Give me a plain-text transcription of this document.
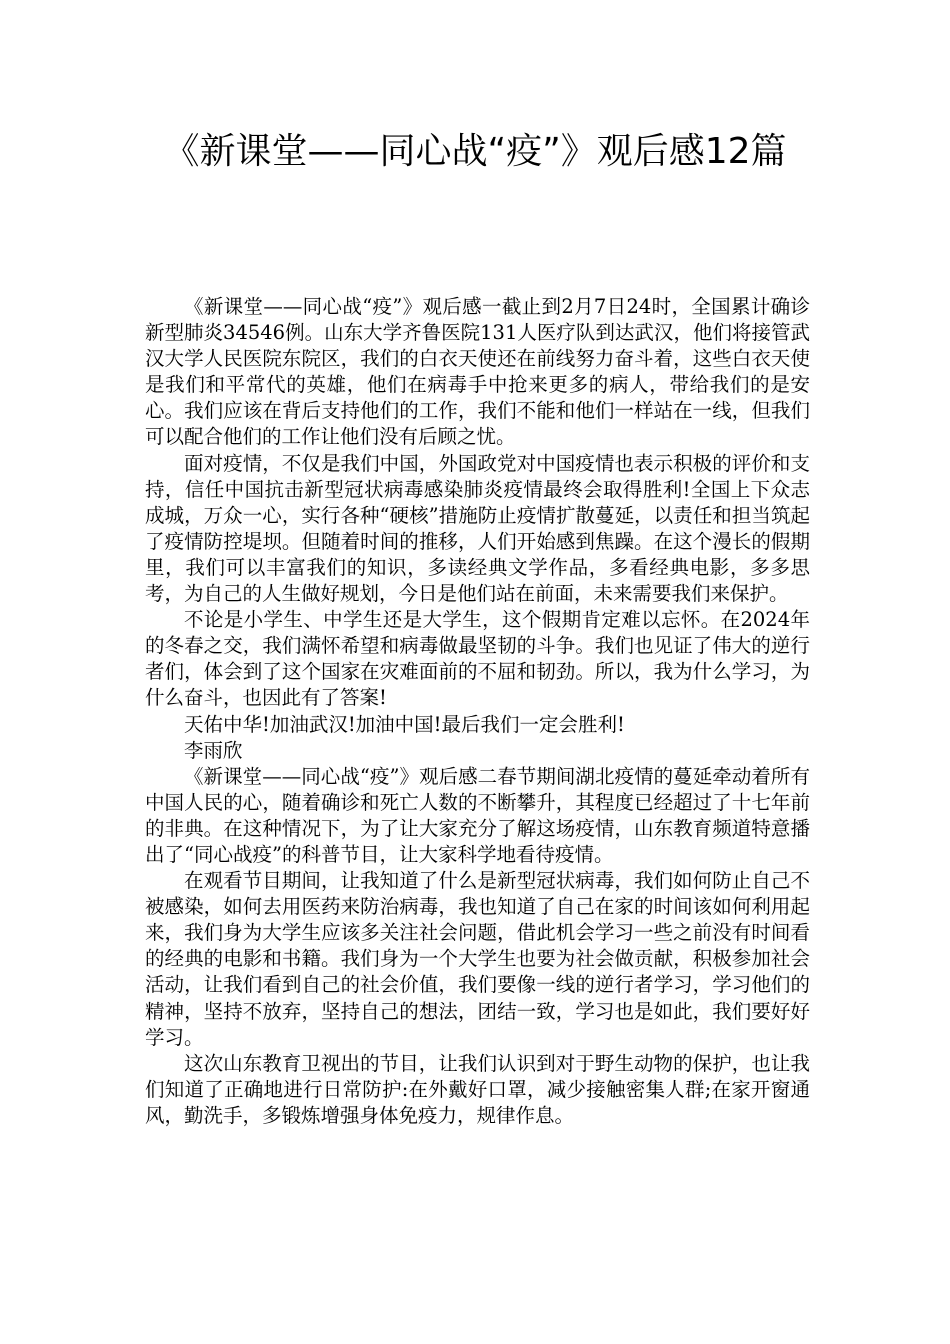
《新课堂——同心战“疫”》观后感12篇

《新课堂——同心战“疫”》观后感一截止到2月7日24时，全国累计确诊新型肺炎34546例。山东大学齐鲁医院131人医疗队到达武汉，他们将接管武汉大学人民医院东院区，我们的白衣天使还在前线努力奋斗着，这些白衣天使是我们和平常代的英雄，他们在病毒手中抢来更多的病人，带给我们的是安心。我们应该在背后支持他们的工作，我们不能和他们一样站在一线，但我们可以配合他们的工作让他们没有后顾之忧。

面对疫情，不仅是我们中国，外国政党对中国疫情也表示积极的评价和支持，信任中国抗击新型冠状病毒感染肺炎疫情最终会取得胜利!全国上下众志成城，万众一心，实行各种“硬核”措施防止疫情扩散蔓延，以责任和担当筑起了疫情防控堤坝。但随着时间的推移，人们开始感到焦躁。在这个漫长的假期里，我们可以丰富我们的知识，多读经典文学作品，多看经典电影，多多思考，为自己的人生做好规划，今日是他们站在前面，未来需要我们来保护。

不论是小学生、中学生还是大学生，这个假期肯定难以忘怀。在2024年的冬春之交，我们满怀希望和病毒做最坚韧的斗争。我们也见证了伟大的逆行者们，体会到了这个国家在灾难面前的不屈和韧劲。所以，我为什么学习，为什么奋斗，也因此有了答案!

天佑中华!加油武汉!加油中国!最后我们一定会胜利!

李雨欣

《新课堂——同心战“疫”》观后感二春节期间湖北疫情的蔓延牵动着所有中国人民的心，随着确诊和死亡人数的不断攀升，其程度已经超过了十七年前的非典。在这种情况下，为了让大家充分了解这场疫情，山东教育频道特意播出了“同心战疫”的科普节目，让大家科学地看待疫情。

在观看节目期间，让我知道了什么是新型冠状病毒，我们如何防止自己不被感染，如何去用医药来防治病毒，我也知道了自己在家的时间该如何利用起来，我们身为大学生应该多关注社会问题，借此机会学习一些之前没有时间看的经典的电影和书籍。我们身为一个大学生也要为社会做贡献，积极参加社会活动，让我们看到自己的社会价值，我们要像一线的逆行者学习，学习他们的精神，坚持不放弃，坚持自己的想法，团结一致，学习也是如此，我们要好好学习。

这次山东教育卫视出的节目，让我们认识到对于野生动物的保护，也让我们知道了正确地进行日常防护:在外戴好口罩，减少接触密集人群;在家开窗通风，勤洗手，多锻炼增强身体免疫力，规律作息。
